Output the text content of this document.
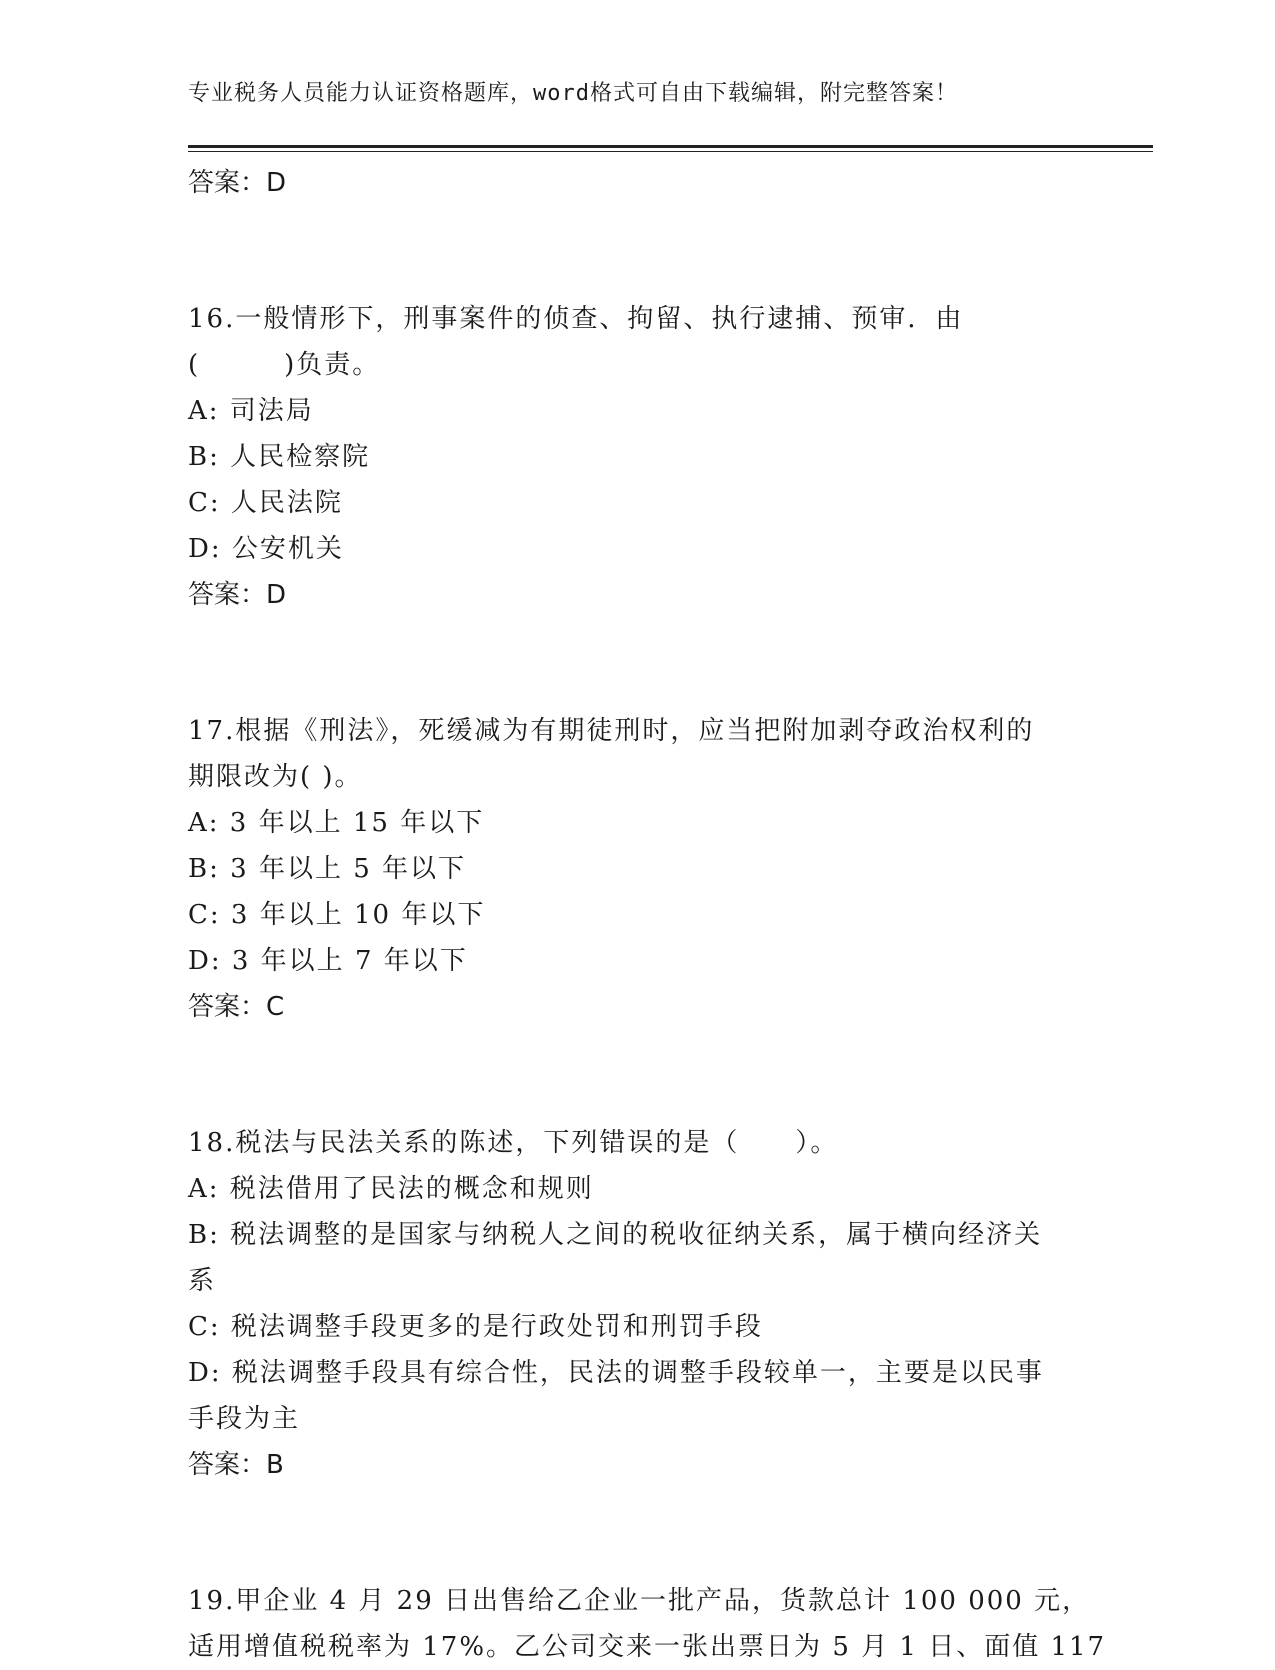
专业税务人员能力认证资格题库，word格式可自由下载编辑，附完整答案！
答案：D
16.一般情形下，刑事案件的侦查、拘留、执行逮捕、预审．由
(　　　)负责。
A: 司法局
B: 人民检察院
C: 人民法院
D: 公安机关
答案：D
17.根据《刑法》，死缓减为有期徒刑时，应当把附加剥夺政治权利的
期限改为( )。
A: 3 年以上 15 年以下
B: 3 年以上 5 年以下
C: 3 年以上 10 年以下
D: 3 年以上 7 年以下
答案：C
18.税法与民法关系的陈述，下列错误的是（　　）。
A: 税法借用了民法的概念和规则
B: 税法调整的是国家与纳税人之间的税收征纳关系，属于横向经济关
系
C: 税法调整手段更多的是行政处罚和刑罚手段
D: 税法调整手段具有综合性，民法的调整手段较单一，主要是以民事
手段为主
答案：B
19.甲企业 4 月 29 日出售给乙企业一批产品，货款总计 100 000 元，
适用增值税税率为 17%。乙公司交来一张出票日为 5 月 1 日、面值 117
